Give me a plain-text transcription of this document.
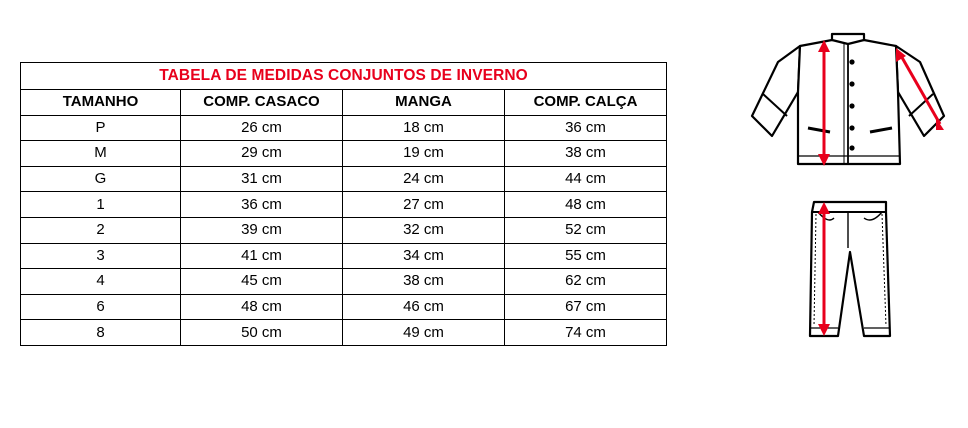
TABELA DE MEDIDAS CONJUNTOS DE INVERNO			
TAMANHO	COMP. CASACO	MANGA	COMP. CALÇA
P	26 cm	18 cm	36 cm
M	29 cm	19 cm	38 cm
G	31 cm	24 cm	44 cm
1	36 cm	27 cm	48 cm
2	39 cm	32 cm	52 cm
3	41 cm	34 cm	55 cm
4	45 cm	38 cm	62 cm
6	48 cm	46 cm	67 cm
8	50 cm	49 cm	74 cm
